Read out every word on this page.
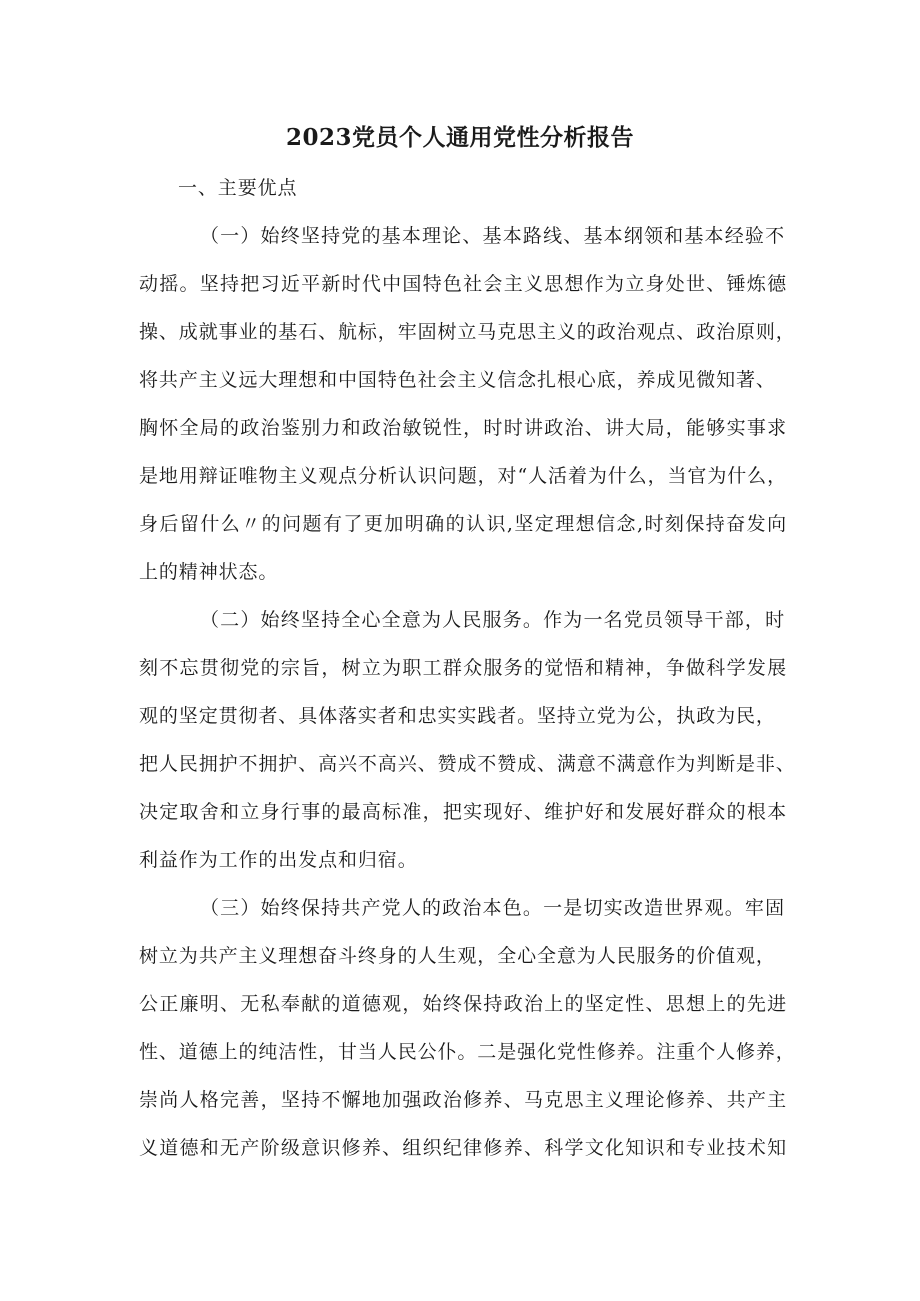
2023党员个人通用党性分析报告
一、主要优点
（一）始终坚持党的基本理论、基本路线、基本纲领和基本经验不
动摇。坚持把习近平新时代中国特色社会主义思想作为立身处世、锤炼德
操、成就事业的基石、航标，牢固树立马克思主义的政治观点、政治原则，
将共产主义远大理想和中国特色社会主义信念扎根心底，养成见微知著、
胸怀全局的政治鉴别力和政治敏锐性，时时讲政治、讲大局，能够实事求
是地用辩证唯物主义观点分析认识问题，对“人活着为什么，当官为什么，
身后留什么〃的问题有了更加明确的认识,坚定理想信念,时刻保持奋发向
上的精神状态。
（二）始终坚持全心全意为人民服务。作为一名党员领导干部，时
刻不忘贯彻党的宗旨，树立为职工群众服务的觉悟和精神，争做科学发展
观的坚定贯彻者、具体落实者和忠实实践者。坚持立党为公，执政为民，
把人民拥护不拥护、高兴不高兴、赞成不赞成、满意不满意作为判断是非、
决定取舍和立身行事的最高标准，把实现好、维护好和发展好群众的根本
利益作为工作的出发点和归宿。
（三）始终保持共产党人的政治本色。一是切实改造世界观。牢固
树立为共产主义理想奋斗终身的人生观，全心全意为人民服务的价值观，
公正廉明、无私奉献的道德观，始终保持政治上的坚定性、思想上的先进
性、道德上的纯洁性，甘当人民公仆。二是强化党性修养。注重个人修养，
崇尚人格完善，坚持不懈地加强政治修养、马克思主义理论修养、共产主
义道德和无产阶级意识修养、组织纪律修养、科学文化知识和专业技术知
